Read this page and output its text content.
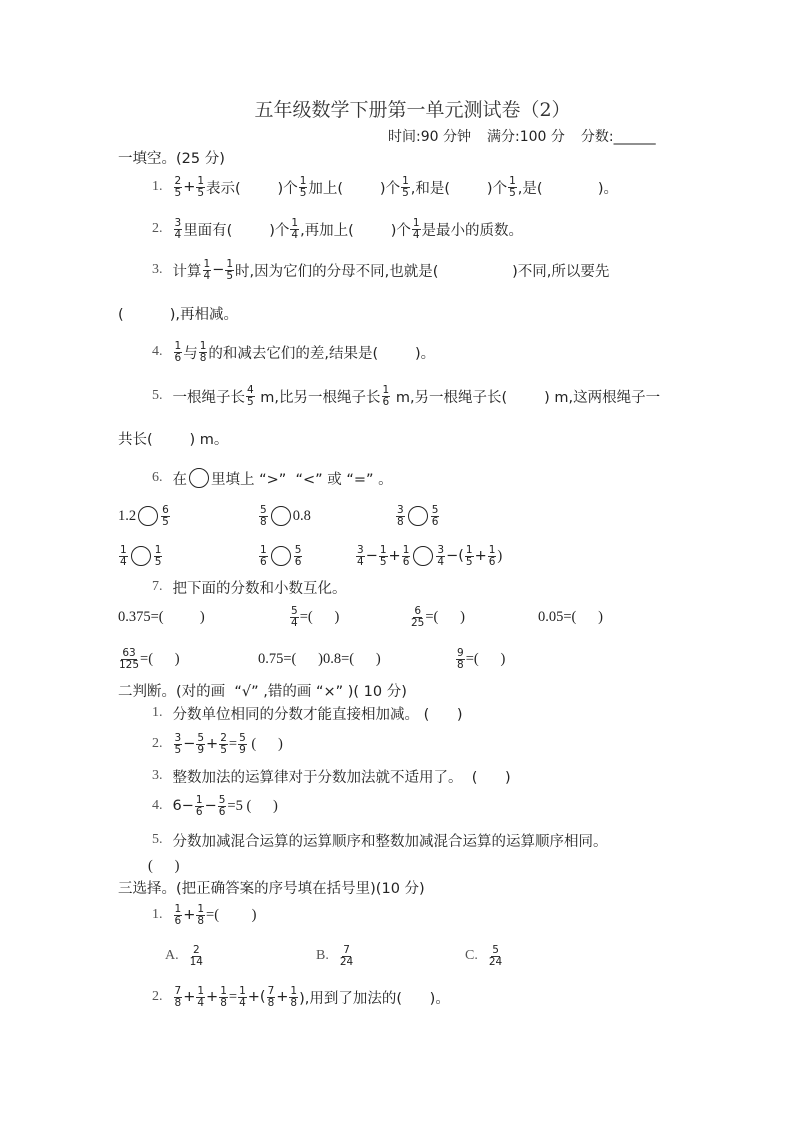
五年级数学下册第一单元测试卷（2）
时间:90 分钟 满分:100 分 分数:______
一填空。(25 分)
1. $\frac{2}{5} + \frac{1}{5}$ 表示(        )个 $\frac{1}{5}$ 加上(        )个 $\frac{1}{5}$ ,和是(        )个 $\frac{1}{5}$ ,是(            )。
2. $\frac{3}{4}$ 里面有(        )个 $\frac{1}{4}$ ,再加上(        )个 $\frac{1}{4}$ 是最小的质数。
3. 计算 $\frac{1}{4} - \frac{1}{5}$ 时,因为它们的分母不同,也就是(                )不同,所以要先
(          ),再相减。
4. $\frac{1}{6}$ 与 $\frac{1}{8}$ 的和减去它们的差,结果是(        )。
5. 一根绳子长 $\frac{4}{5} m$,比另一根绳子长 $\frac{1}{6} m$,另一根绳子长(        ) m,这两根绳子一
共长(        ) m。
6. 在 里填上 “>”  “<” 或 “=” 。
$1.2 \frac{6}{5}$	$\frac{5}{8} 0.8$	$\frac{3}{8} \frac{5}{6}$
$\frac{1}{4} \frac{1}{5}$	$\frac{1}{6} \frac{5}{6}$	$\frac{3}{4} - \frac{1}{5} + \frac{1}{6} \frac{3}{4}$ −( $\frac{1}{5} + \frac{1}{6}$ )
7. 把下面的分数和小数互化。
0.375=(          )	$\frac{5}{4}$ =(      )	$\frac{6}{25}$ =(      )	0.05=(      )
$\frac{63}{125}$ =(      )	0.75=(      )0.8=(      )	$\frac{9}{8}$ =(      )
二判断。(对的画  “√” ,错的画 “×” )( 10 分)
1. 分数单位相同的分数才能直接相加减。 (      )
2. $\frac{3}{5} - \frac{5}{9} + \frac{2}{5} = \frac{5}{9}$ (      )
3. 整数加法的运算律对于分数加法就不适用了。  (      )
4. $6- \frac{1}{6} - \frac{5}{6} =5$ (      )
5. 分数加减混合运算的运算顺序和整数加减混合运算的运算顺序相同。
(      )
三选择。(把正确答案的序号填在括号里)(10 分)
1. $\frac{1}{6} + \frac{1}{8}$ =(         )
A. $\frac{2}{14}$	B. $\frac{7}{24}$	C. $\frac{5}{24}$
2. $\frac{7}{8} + \frac{1}{4} + \frac{1}{8} = \frac{1}{4}$ +( $\frac{7}{8} + \frac{1}{8}$ ),用到了加法的(      )。
